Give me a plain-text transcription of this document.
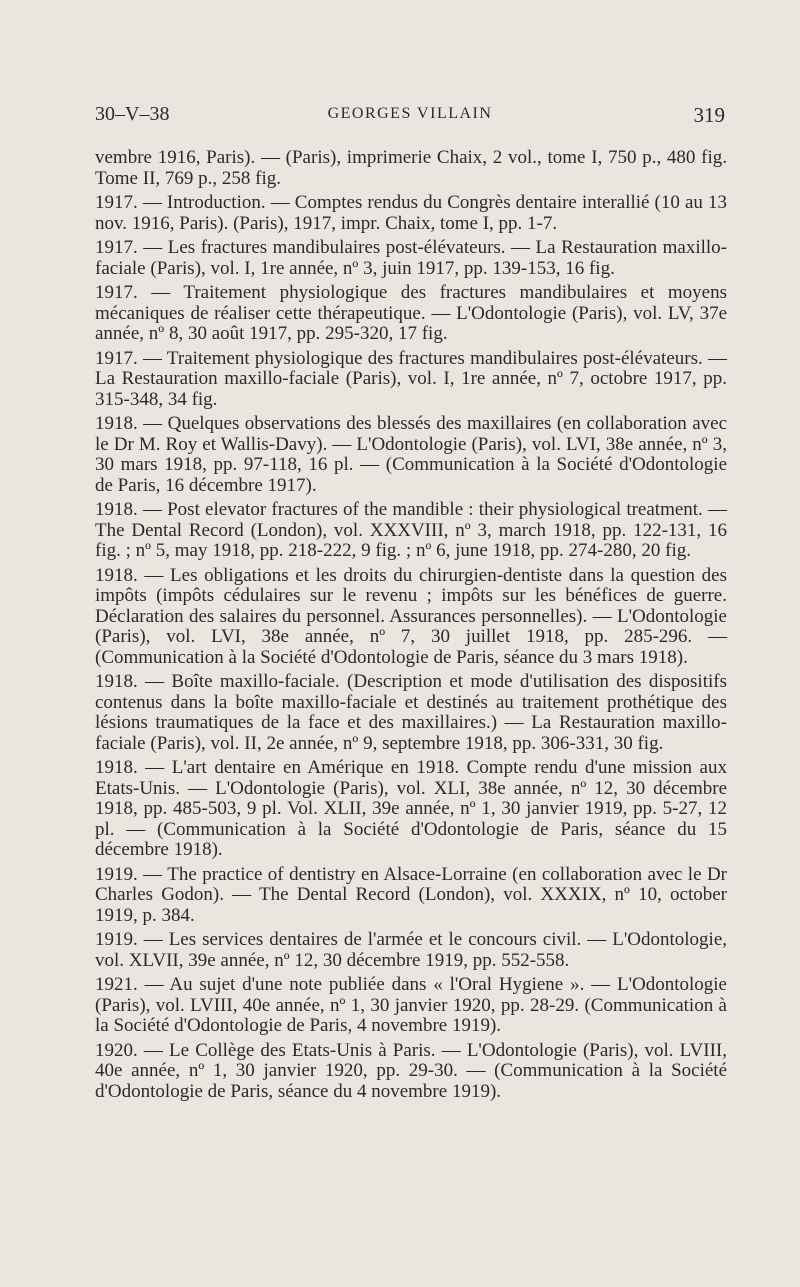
30–V–38	GEORGES VILLAIN	319

vembre 1916, Paris). — (Paris), imprimerie Chaix, 2 vol., tome I, 750 p., 480 fig. Tome II, 769 p., 258 fig.

1917. — Introduction. — Comptes rendus du Congrès dentaire interallié (10 au 13 nov. 1916, Paris). (Paris), 1917, impr. Chaix, tome I, pp. 1-7.

1917. — Les fractures mandibulaires post-élévateurs. — La Restauration maxillo-faciale (Paris), vol. I, 1re année, nº 3, juin 1917, pp. 139-153, 16 fig.

1917. — Traitement physiologique des fractures mandibulaires et moyens mécaniques de réaliser cette thérapeutique. — L'Odontologie (Paris), vol. LV, 37e année, nº 8, 30 août 1917, pp. 295-320, 17 fig.

1917. — Traitement physiologique des fractures mandibulaires post-élévateurs. — La Restauration maxillo-faciale (Paris), vol. I, 1re année, nº 7, octobre 1917, pp. 315-348, 34 fig.

1918. — Quelques observations des blessés des maxillaires (en collaboration avec le Dr M. Roy et Wallis-Davy). — L'Odontologie (Paris), vol. LVI, 38e année, nº 3, 30 mars 1918, pp. 97-118, 16 pl. — (Communication à la Société d'Odontologie de Paris, 16 décembre 1917).

1918. — Post elevator fractures of the mandible : their physiological treatment. — The Dental Record (London), vol. XXXVIII, nº 3, march 1918, pp. 122-131, 16 fig. ; nº 5, may 1918, pp. 218-222, 9 fig. ; nº 6, june 1918, pp. 274-280, 20 fig.

1918. — Les obligations et les droits du chirurgien-dentiste dans la question des impôts (impôts cédulaires sur le revenu ; impôts sur les bénéfices de guerre. Déclaration des salaires du personnel. Assurances personnelles). — L'Odontologie (Paris), vol. LVI, 38e année, nº 7, 30 juillet 1918, pp. 285-296. — (Communication à la Société d'Odontologie de Paris, séance du 3 mars 1918).

1918. — Boîte maxillo-faciale. (Description et mode d'utilisation des dispositifs contenus dans la boîte maxillo-faciale et destinés au traitement prothétique des lésions traumatiques de la face et des maxillaires.) — La Restauration maxillo-faciale (Paris), vol. II, 2e année, nº 9, septembre 1918, pp. 306-331, 30 fig.

1918. — L'art dentaire en Amérique en 1918. Compte rendu d'une mission aux Etats-Unis. — L'Odontologie (Paris), vol. XLI, 38e année, nº 12, 30 décembre 1918, pp. 485-503, 9 pl. Vol. XLII, 39e année, nº 1, 30 janvier 1919, pp. 5-27, 12 pl. — (Communication à la Société d'Odontologie de Paris, séance du 15 décembre 1918).

1919. — The practice of dentistry en Alsace-Lorraine (en collaboration avec le Dr Charles Godon). — The Dental Record (London), vol. XXXIX, nº 10, october 1919, p. 384.

1919. — Les services dentaires de l'armée et le concours civil. — L'Odontologie, vol. XLVII, 39e année, nº 12, 30 décembre 1919, pp. 552-558.

1921. — Au sujet d'une note publiée dans « l'Oral Hygiene ». — L'Odontologie (Paris), vol. LVIII, 40e année, nº 1, 30 janvier 1920, pp. 28-29. (Communication à la Société d'Odontologie de Paris, 4 novembre 1919).

1920. — Le Collège des Etats-Unis à Paris. — L'Odontologie (Paris), vol. LVIII, 40e année, nº 1, 30 janvier 1920, pp. 29-30. — (Communication à la Société d'Odontologie de Paris, séance du 4 novembre 1919).
